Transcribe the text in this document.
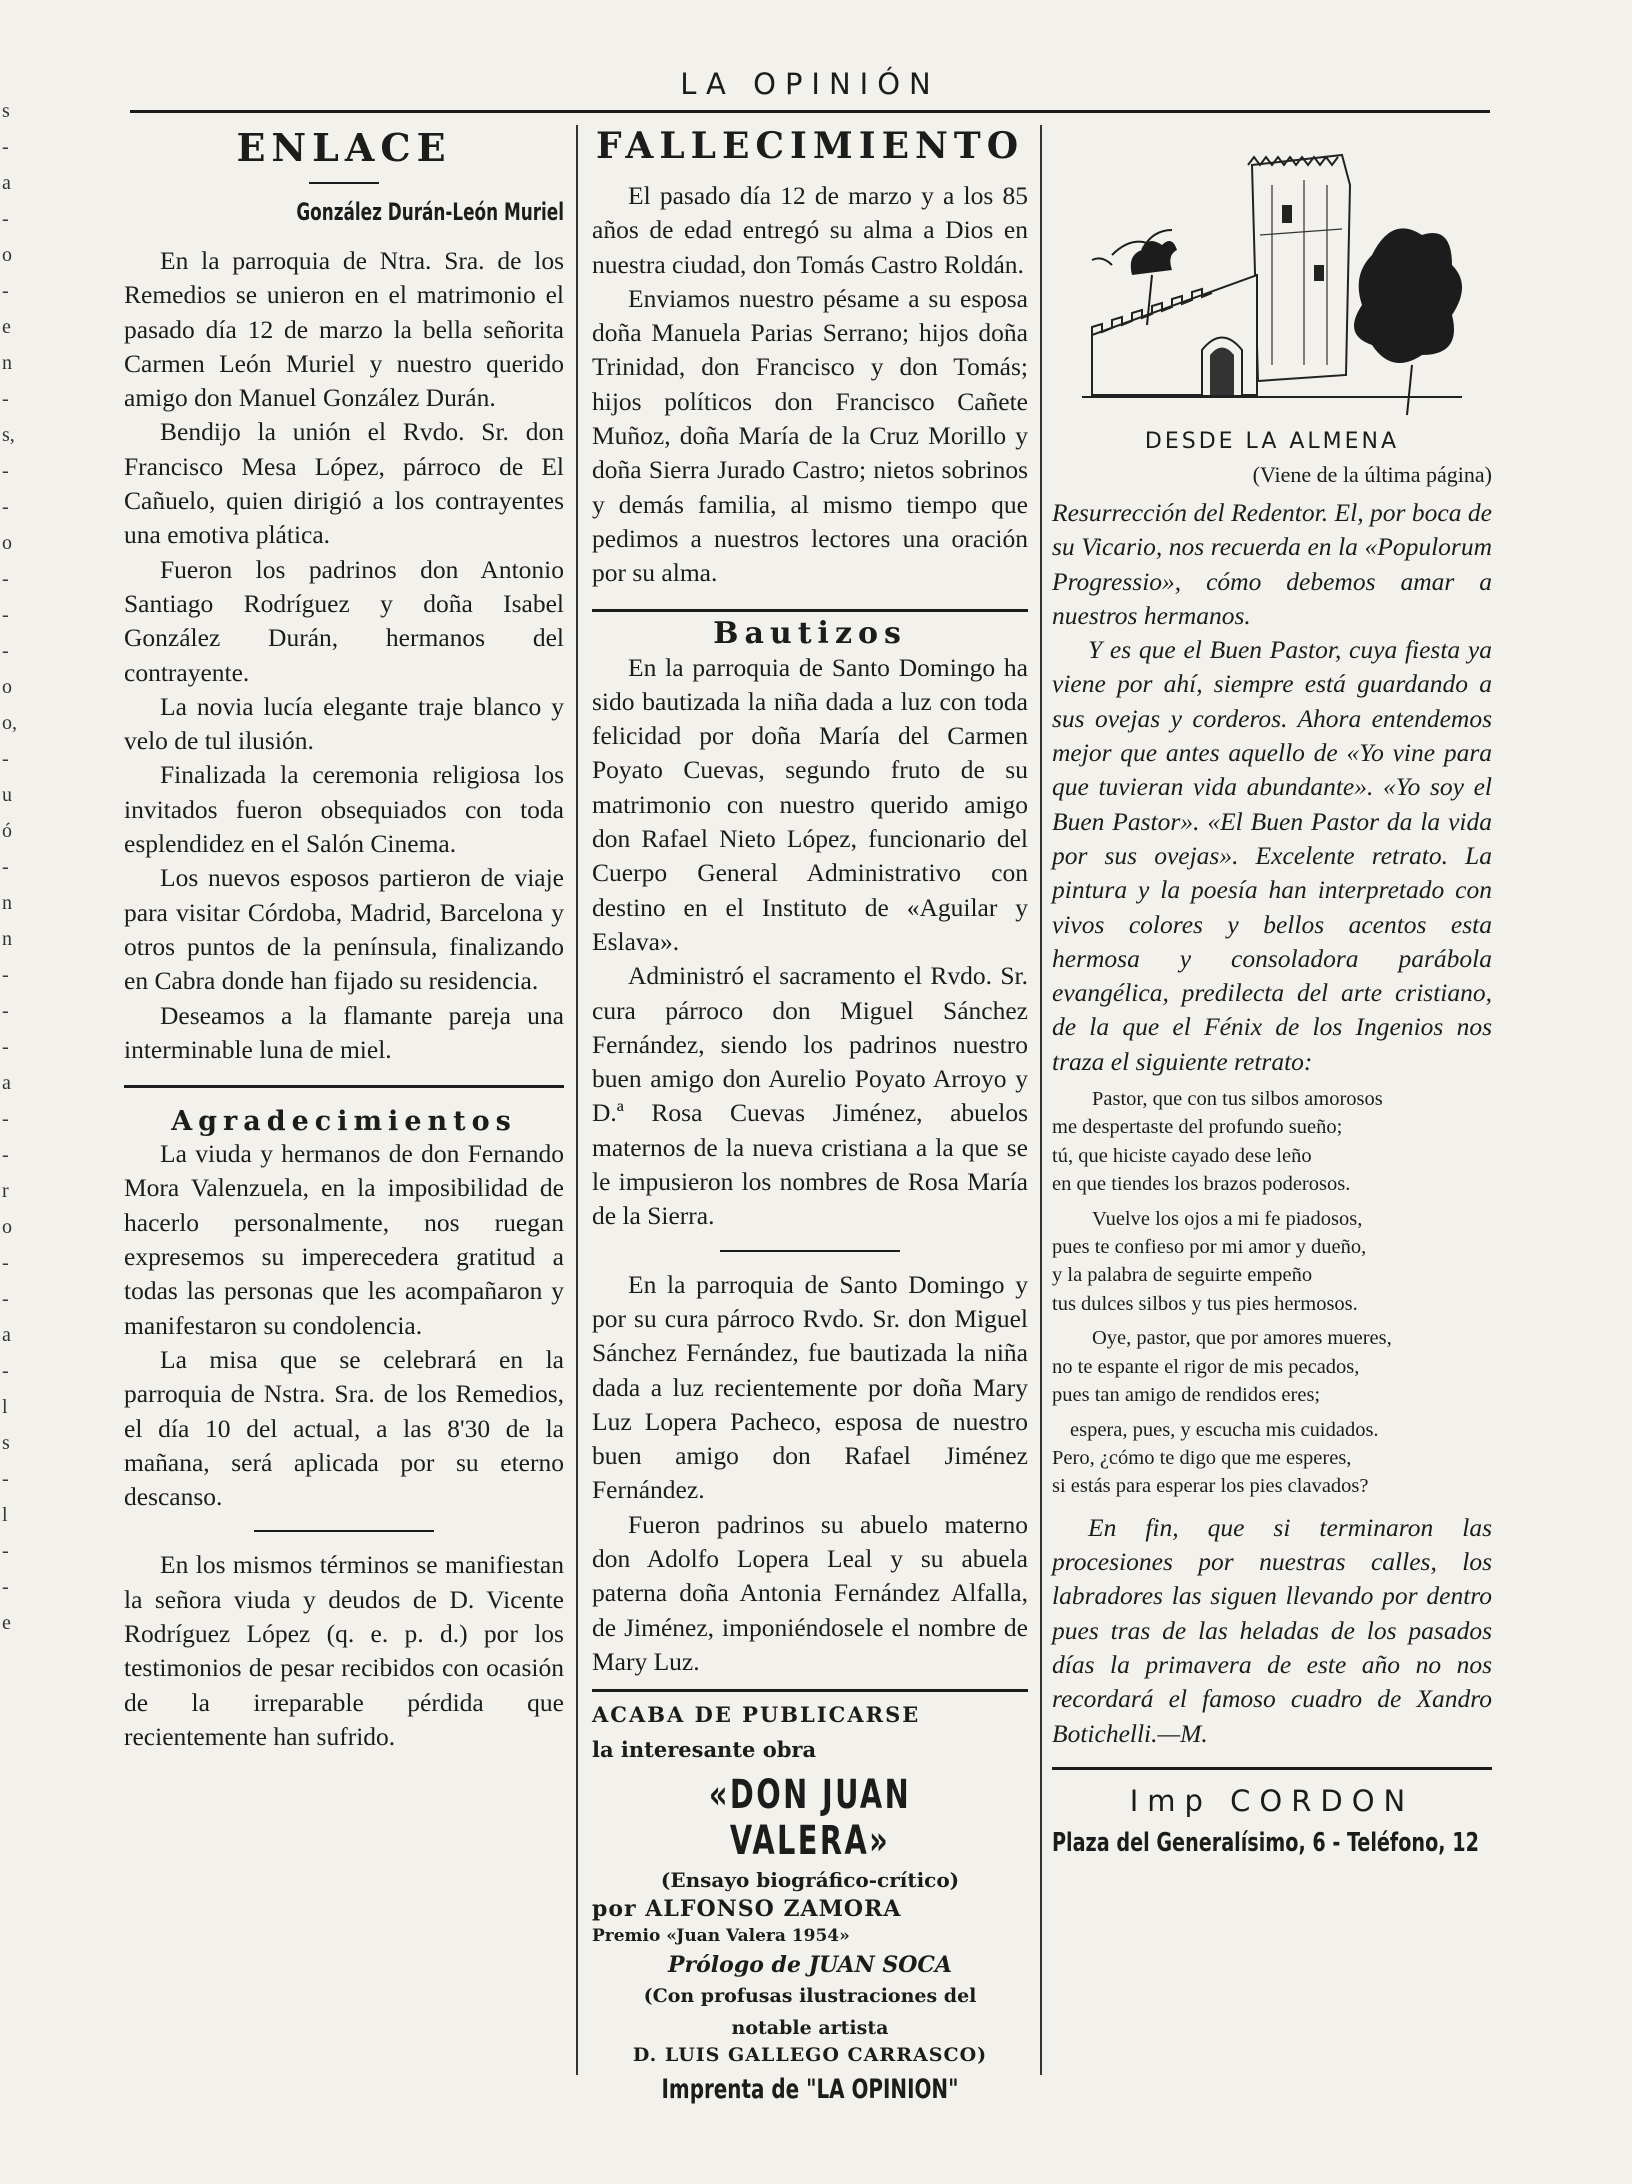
s
-
a
-
o
-
e
n
-
s,
-
-
o
-
-
-
o
o,
-
u
ó
-
n
n
-
-
-
a
-
-
r
o
-
-
a
-
l
s
-
l
-
-
e
LA OPINIÓN
ENLACE
González Durán-León Muriel

En la parroquia de Ntra. Sra. de los Remedios se unieron en el matrimonio el pasado día 12 de marzo la bella señorita Carmen León Muriel y nuestro querido amigo don Manuel González Durán.

Bendijo la unión el Rvdo. Sr. don Francisco Mesa López, párroco de El Cañuelo, quien dirigió a los contrayentes una emotiva plática.

Fueron los padrinos don Antonio Santiago Rodríguez y doña Isabel González Durán, hermanos del contrayente.

La novia lucía elegante traje blanco y velo de tul ilusión.

Finalizada la ceremonia religiosa los invitados fueron obsequiados con toda esplendidez en el Salón Cinema.

Los nuevos esposos partieron de viaje para visitar Córdoba, Madrid, Barcelona y otros puntos de la península, finalizando en Cabra donde han fijado su residencia.

Deseamos a la flamante pareja una interminable luna de miel.

Agradecimientos

La viuda y hermanos de don Fernando Mora Valenzuela, en la imposibilidad de hacerlo personalmente, nos ruegan expresemos su imperecedera gratitud a todas las personas que les acompañaron y manifestaron su condolencia.

La misa que se celebrará en la parroquia de Nstra. Sra. de los Remedios, el día 10 del actual, a las 8'30 de la mañana, será aplicada por su eterno descanso.

En los mismos términos se manifiestan la señora viuda y deudos de D. Vicente Rodríguez López (q. e. p. d.) por los testimonios de pesar recibidos con ocasión de la irreparable pérdida que recientemente han sufrido.

FALLECIMIENTO

El pasado día 12 de marzo y a los 85 años de edad entregó su alma a Dios en nuestra ciudad, don Tomás Castro Roldán.

Enviamos nuestro pésame a su esposa doña Manuela Parias Serrano; hijos doña Trinidad, don Francisco y don Tomás; hijos políticos don Francisco Cañete Muñoz, doña María de la Cruz Morillo y doña Sierra Jurado Castro; nietos sobrinos y demás familia, al mismo tiempo que pedimos a nuestros lectores una oración por su alma.

Bautizos

En la parroquia de Santo Domingo ha sido bautizada la niña dada a luz con toda felicidad por doña María del Carmen Poyato Cuevas, segundo fruto de su matrimonio con nuestro querido amigo don Rafael Nieto López, funcionario del Cuerpo General Administrativo con destino en el Instituto de «Aguilar y Eslava».

Administró el sacramento el Rvdo. Sr. cura párroco don Miguel Sánchez Fernández, siendo los padrinos nuestro buen amigo don Aurelio Poyato Arroyo y D.ª Rosa Cuevas Jiménez, abuelos maternos de la nueva cristiana a la que se le impusieron los nombres de Rosa María de la Sierra.

En la parroquia de Santo Domingo y por su cura párroco Rvdo. Sr. don Miguel Sánchez Fernández, fue bautizada la niña dada a luz recientemente por doña Mary Luz Lopera Pacheco, esposa de nuestro buen amigo don Rafael Jiménez Fernández.

Fueron padrinos su abuelo materno don Adolfo Lopera Leal y su abuela paterna doña Antonia Fernández Alfalla, de Jiménez, imponiéndosele el nombre de Mary Luz.

ACABA DE PUBLICARSE
la interesante obra
«DON JUAN VALERA»
(Ensayo biográfico-crítico)
por ALFONSO ZAMORA
Premio «Juan Valera 1954»
Prólogo de JUAN SOCA
(Con profusas ilustraciones del
notable artista
D. LUIS GALLEGO CARRASCO)
Imprenta de "LA OPINION"
DESDE LA ALMENA
(Viene de la última página)

Resurrección del Redentor. El, por boca de su Vicario, nos recuerda en la «Populorum Progressio», cómo debemos amar a nuestros hermanos.

Y es que el Buen Pastor, cuya fiesta ya viene por ahí, siempre está guardando a sus ovejas y corderos. Ahora entendemos mejor que antes aquello de «Yo vine para que tuvieran vida abundante». «Yo soy el Buen Pastor». «El Buen Pastor da la vida por sus ovejas». Excelente retrato. La pintura y la poesía han interpretado con vivos colores y bellos acentos esta hermosa y consoladora parábola evangélica, predilecta del arte cristiano, de la que el Fénix de los Ingenios nos traza el siguiente retrato:

Pastor, que con tus silbos amorosos
me despertaste del profundo sueño;
tú, que hiciste cayado dese leño
en que tiendes los brazos poderosos.
Vuelve los ojos a mi fe piadosos,
pues te confieso por mi amor y dueño,
y la palabra de seguirte empeño
tus dulces silbos y tus pies hermosos.
Oye, pastor, que por amores mueres,
no te espante el rigor de mis pecados,
pues tan amigo de rendidos eres;
espera, pues, y escucha mis cuidados.
Pero, ¿cómo te digo que me esperes,
si estás para esperar los pies clavados?

En fin, que si terminaron las procesiones por nuestras calles, los labradores las siguen llevando por dentro pues tras de las heladas de los pasados días la primavera de este año no nos recordará el famoso cuadro de Xandro Botichelli.—M.

Imp CORDON
Plaza del Generalísimo, 6 - Teléfono, 12
